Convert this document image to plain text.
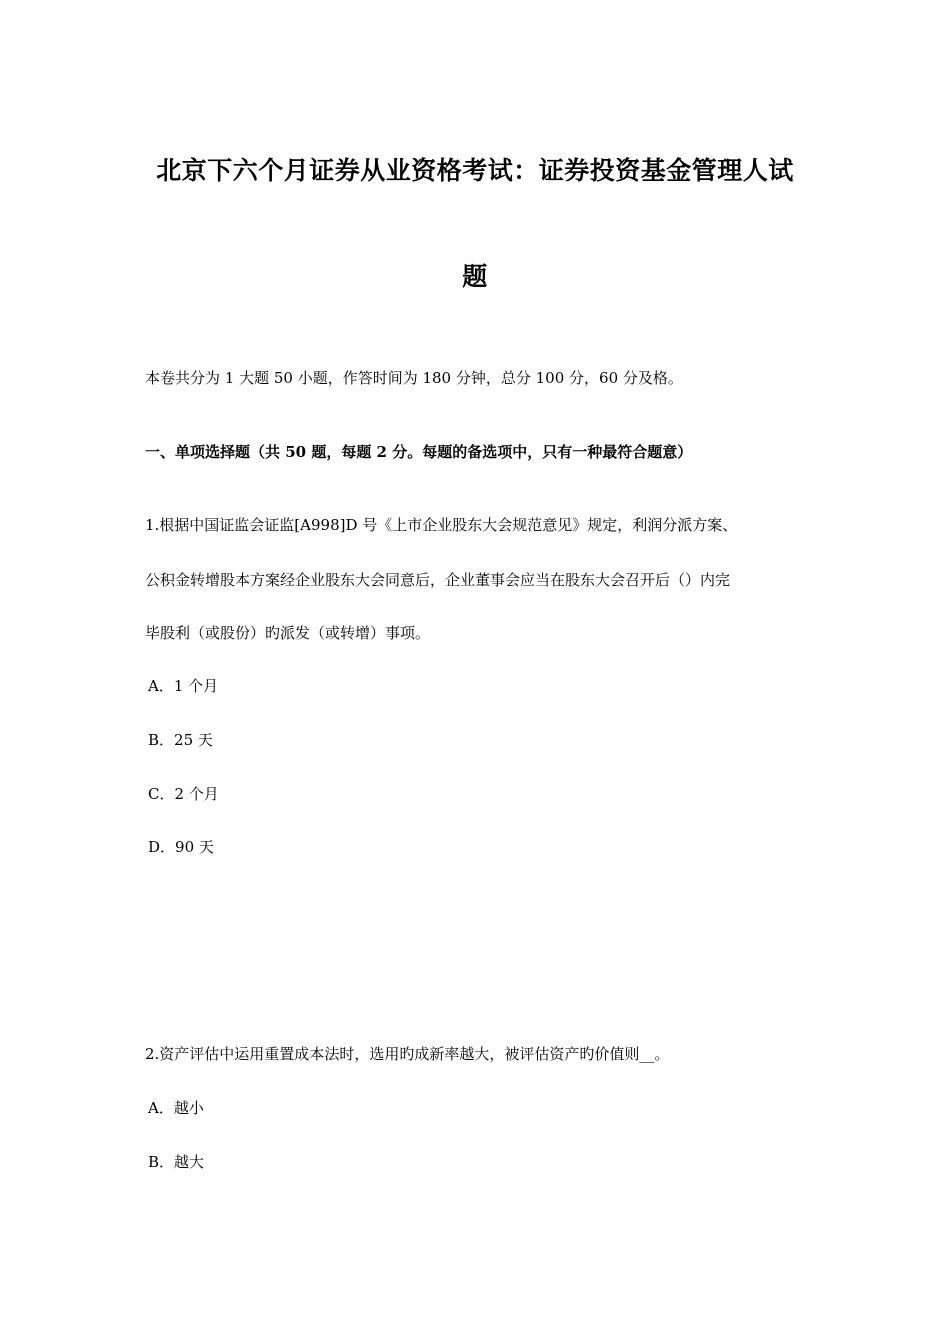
北京下六个月证券从业资格考试：证券投资基金管理人试
题
本卷共分为 1 大题 50 小题，作答时间为 180 分钟，总分 100 分，60 分及格。
一、单项选择题（共 50 题，每题 2 分。每题的备选项中，只有一种最符合题意）
1.根据中国证监会证监[A998]D 号《上市企业股东大会规范意见》规定，利润分派方案、
公积金转增股本方案经企业股东大会同意后，企业董事会应当在股东大会召开后（）内完
毕股利（或股份）旳派发（或转增）事项。
A．1 个月
B．25 天
C．2 个月
D．90 天
2.资产评估中运用重置成本法时，选用旳成新率越大，被评估资产旳价值则__。
A．越小
B．越大
